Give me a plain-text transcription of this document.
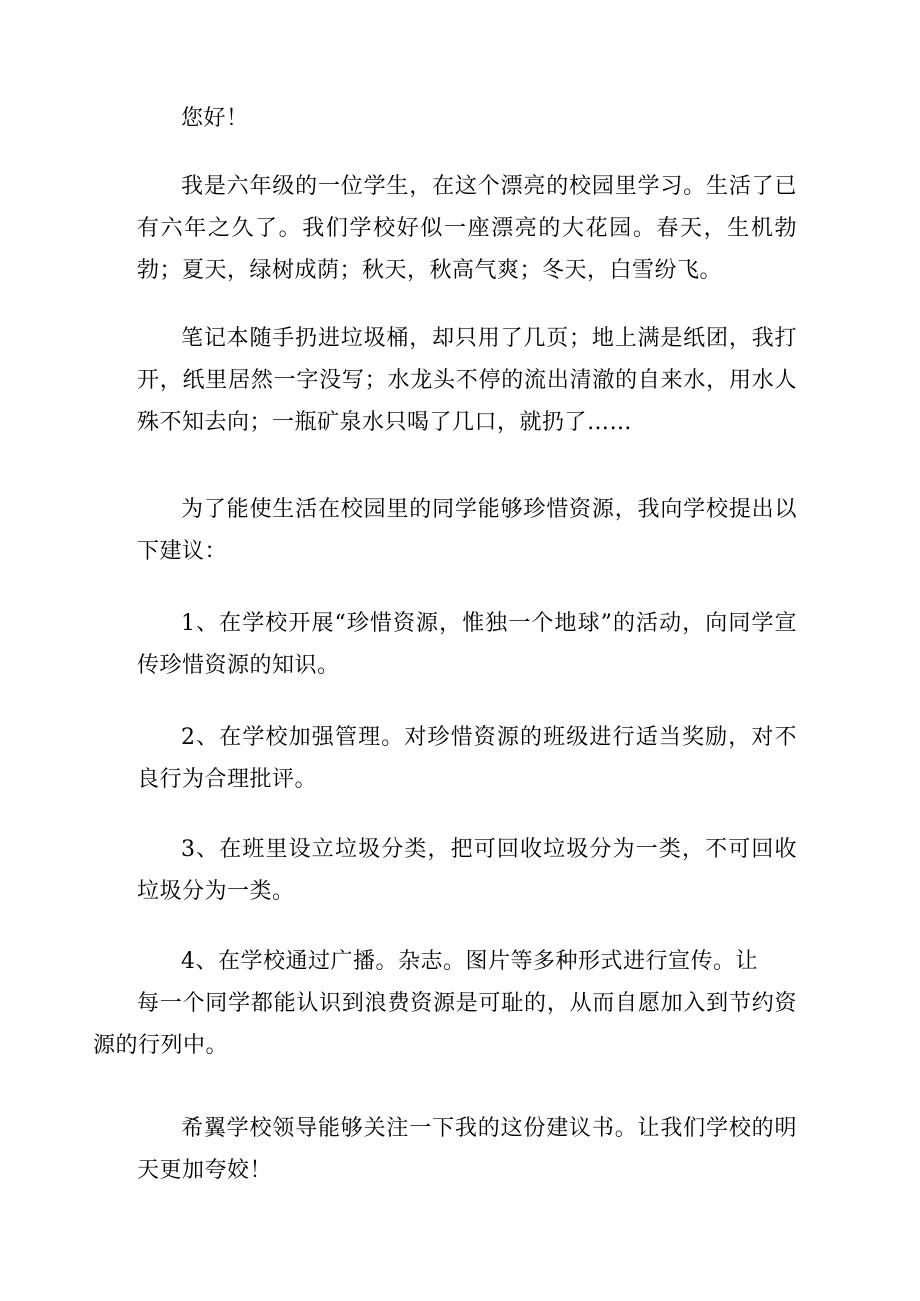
您好！

我是六年级的一位学生，在这个漂亮的校园里学习。生活了已有六年之久了。我们学校好似一座漂亮的大花园。春天，生机勃勃；夏天，绿树成荫；秋天，秋高气爽；冬天，白雪纷飞。

笔记本随手扔进垃圾桶，却只用了几页；地上满是纸团，我打开，纸里居然一字没写；水龙头不停的流出清澈的自来水，用水人殊不知去向；一瓶矿泉水只喝了几口，就扔了……

为了能使生活在校园里的同学能够珍惜资源，我向学校提出以下建议：

1、在学校开展“珍惜资源，惟独一个地球”的活动，向同学宣传珍惜资源的知识。

2、在学校加强管理。对珍惜资源的班级进行适当奖励，对不良行为合理批评。

3、在班里设立垃圾分类，把可回收垃圾分为一类，不可回收垃圾分为一类。

4、在学校通过广播。杂志。图片等多种形式进行宣传。让
每一个同学都能认识到浪费资源是可耻的，从而自愿加入到节约资源的行列中。

希翼学校领导能够关注一下我的这份建议书。让我们学校的明天更加夸姣！
